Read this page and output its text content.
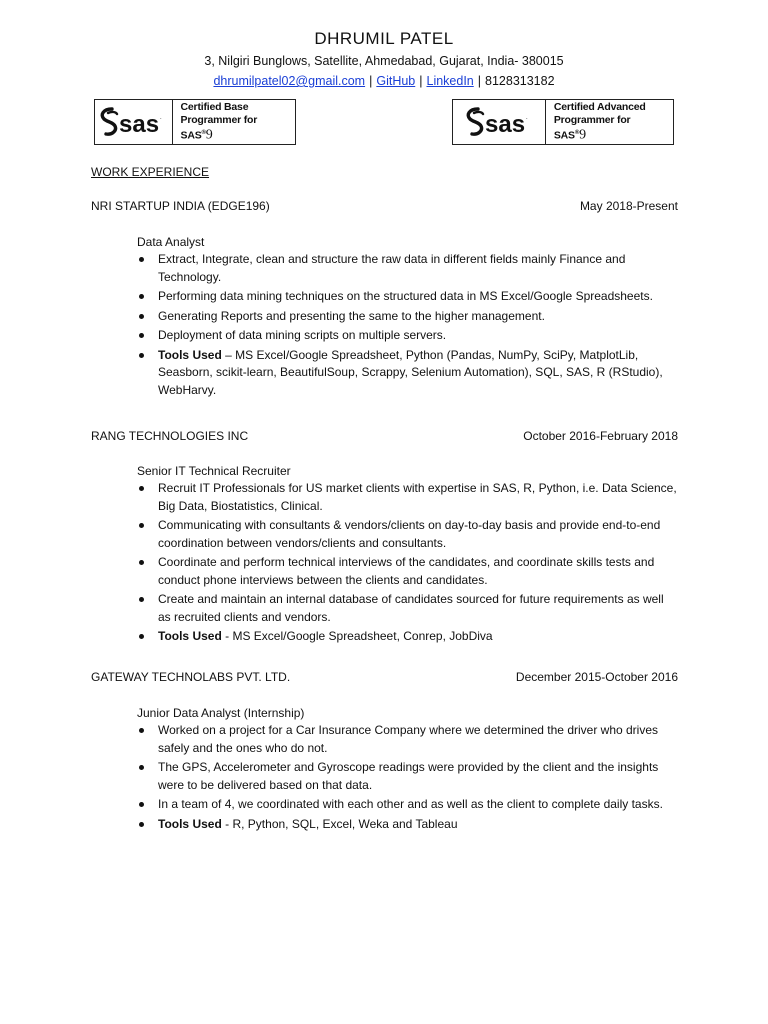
DHRUMIL PATEL
3, Nilgiri Bunglows, Satellite, Ahmedabad, Gujarat, India- 380015
dhrumilpatel02@gmail.com | GitHub | LinkedIn | 8128313182
sas .
Certified Base
Programmer for SAS®9	sas .
Certified Advanced
Programmer for SAS®9
WORK EXPERIENCE
NRI STARTUP INDIA (EDGE196)	May 2018-Present
Data Analyst
Extract, Integrate, clean and structure the raw data in different fields mainly Finance and Technology.
Performing data mining techniques on the structured data in MS Excel/Google Spreadsheets.
Generating Reports and presenting the same to the higher management.
Deployment of data mining scripts on multiple servers.
Tools Used – MS Excel/Google Spreadsheet, Python (Pandas, NumPy, SciPy, MatplotLib, Seasborn, scikit-learn, BeautifulSoup, Scrappy, Selenium Automation), SQL, SAS, R (RStudio), WebHarvy.
RANG TECHNOLOGIES INC	October 2016-February 2018
Senior IT Technical Recruiter
Recruit IT Professionals for US market clients with expertise in SAS, R, Python, i.e. Data Science, Big Data, Biostatistics, Clinical.
Communicating with consultants & vendors/clients on day-to-day basis and provide end-to-end coordination between vendors/clients and consultants.
Coordinate and perform technical interviews of the candidates, and coordinate skills tests and conduct phone interviews between the clients and candidates.
Create and maintain an internal database of candidates sourced for future requirements as well as recruited clients and vendors.
Tools Used - MS Excel/Google Spreadsheet, Conrep, JobDiva
GATEWAY TECHNOLABS PVT. LTD.	December 2015-October 2016
Junior Data Analyst (Internship)
Worked on a project for a Car Insurance Company where we determined the driver who drives safely and the ones who do not.
The GPS, Accelerometer and Gyroscope readings were provided by the client and the insights were to be delivered based on that data.
In a team of 4, we coordinated with each other and as well as the client to complete daily tasks.
Tools Used - R, Python, SQL, Excel, Weka and Tableau
